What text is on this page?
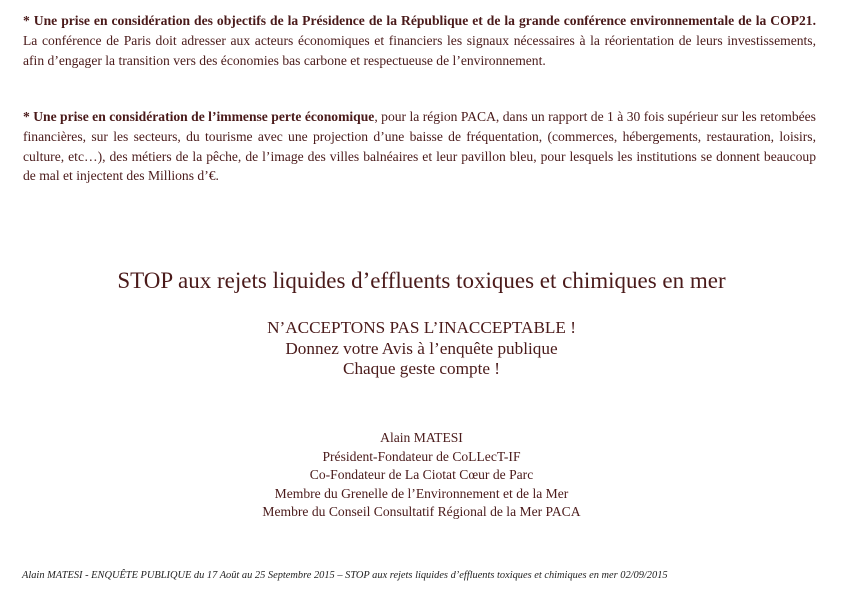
* Une prise en considération des objectifs de la Présidence de la République et de la grande conférence environnementale de la COP21. La conférence de Paris doit adresser aux acteurs économiques et financiers les signaux nécessaires à la réorientation de leurs investissements, afin d’engager la transition vers des économies bas carbone et respectueuse de l’environnement.
* Une prise en considération de l’immense perte économique, pour la région PACA, dans un rapport de 1 à 30 fois supérieur sur les retombées financières, sur les secteurs, du tourisme avec une projection d’une baisse de fréquentation, (commerces, hébergements, restauration, loisirs, culture, etc…), des métiers de la pêche, de l’image des villes balnéaires et leur pavillon bleu, pour lesquels les institutions se donnent beaucoup de mal et injectent des Millions d’€.
STOP aux rejets liquides d’effluents toxiques et chimiques en mer
N’ACCEPTONS PAS L’INACCEPTABLE !
Donnez votre Avis à l’enquête publique
Chaque geste compte !
Alain MATESI
Président-Fondateur de CoLLecT-IF
Co-Fondateur de La Ciotat Cœur de Parc
Membre du Grenelle de l’Environnement et de la Mer
Membre du Conseil Consultatif Régional de la Mer PACA
Alain MATESI - ENQUÊTE PUBLIQUE du 17 Août au 25 Septembre 2015 – STOP aux rejets liquides d’effluents toxiques et chimiques en mer 02/09/2015
